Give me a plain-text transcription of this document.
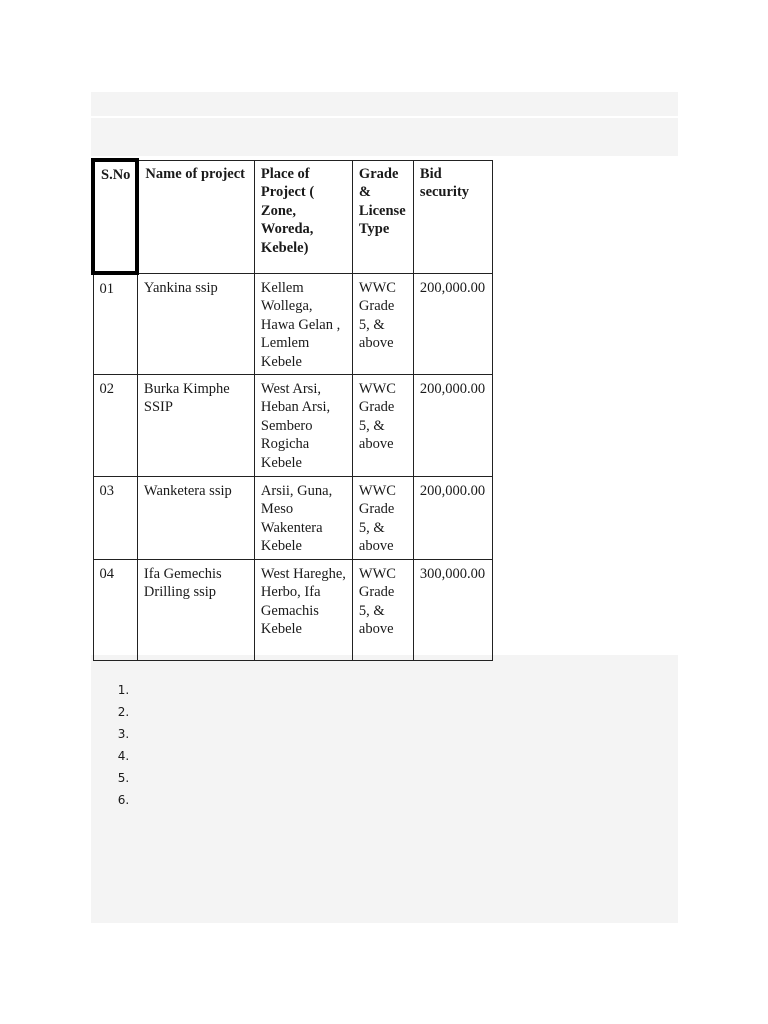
S.No	Name of project	Place of Project ( Zone, Woreda, Kebele)	Grade & License Type	Bid security
01	Yankina ssip	Kellem Wollega, Hawa Gelan , Lemlem Kebele	WWC Grade 5, & above	200,000.00
02	Burka Kimphe SSIP	West Arsi, Heban Arsi, Sembero Rogicha Kebele	WWC Grade 5, & above	200,000.00
03	Wanketera ssip	Arsii, Guna, Meso Wakentera Kebele	WWC Grade 5, & above	200,000.00
04	Ifa Gemechis Drilling ssip	West Hareghe, Herbo, Ifa Gemachis Kebele	WWC Grade 5, & above	300,000.00
1.
2.
3.
4.
5.
6.
